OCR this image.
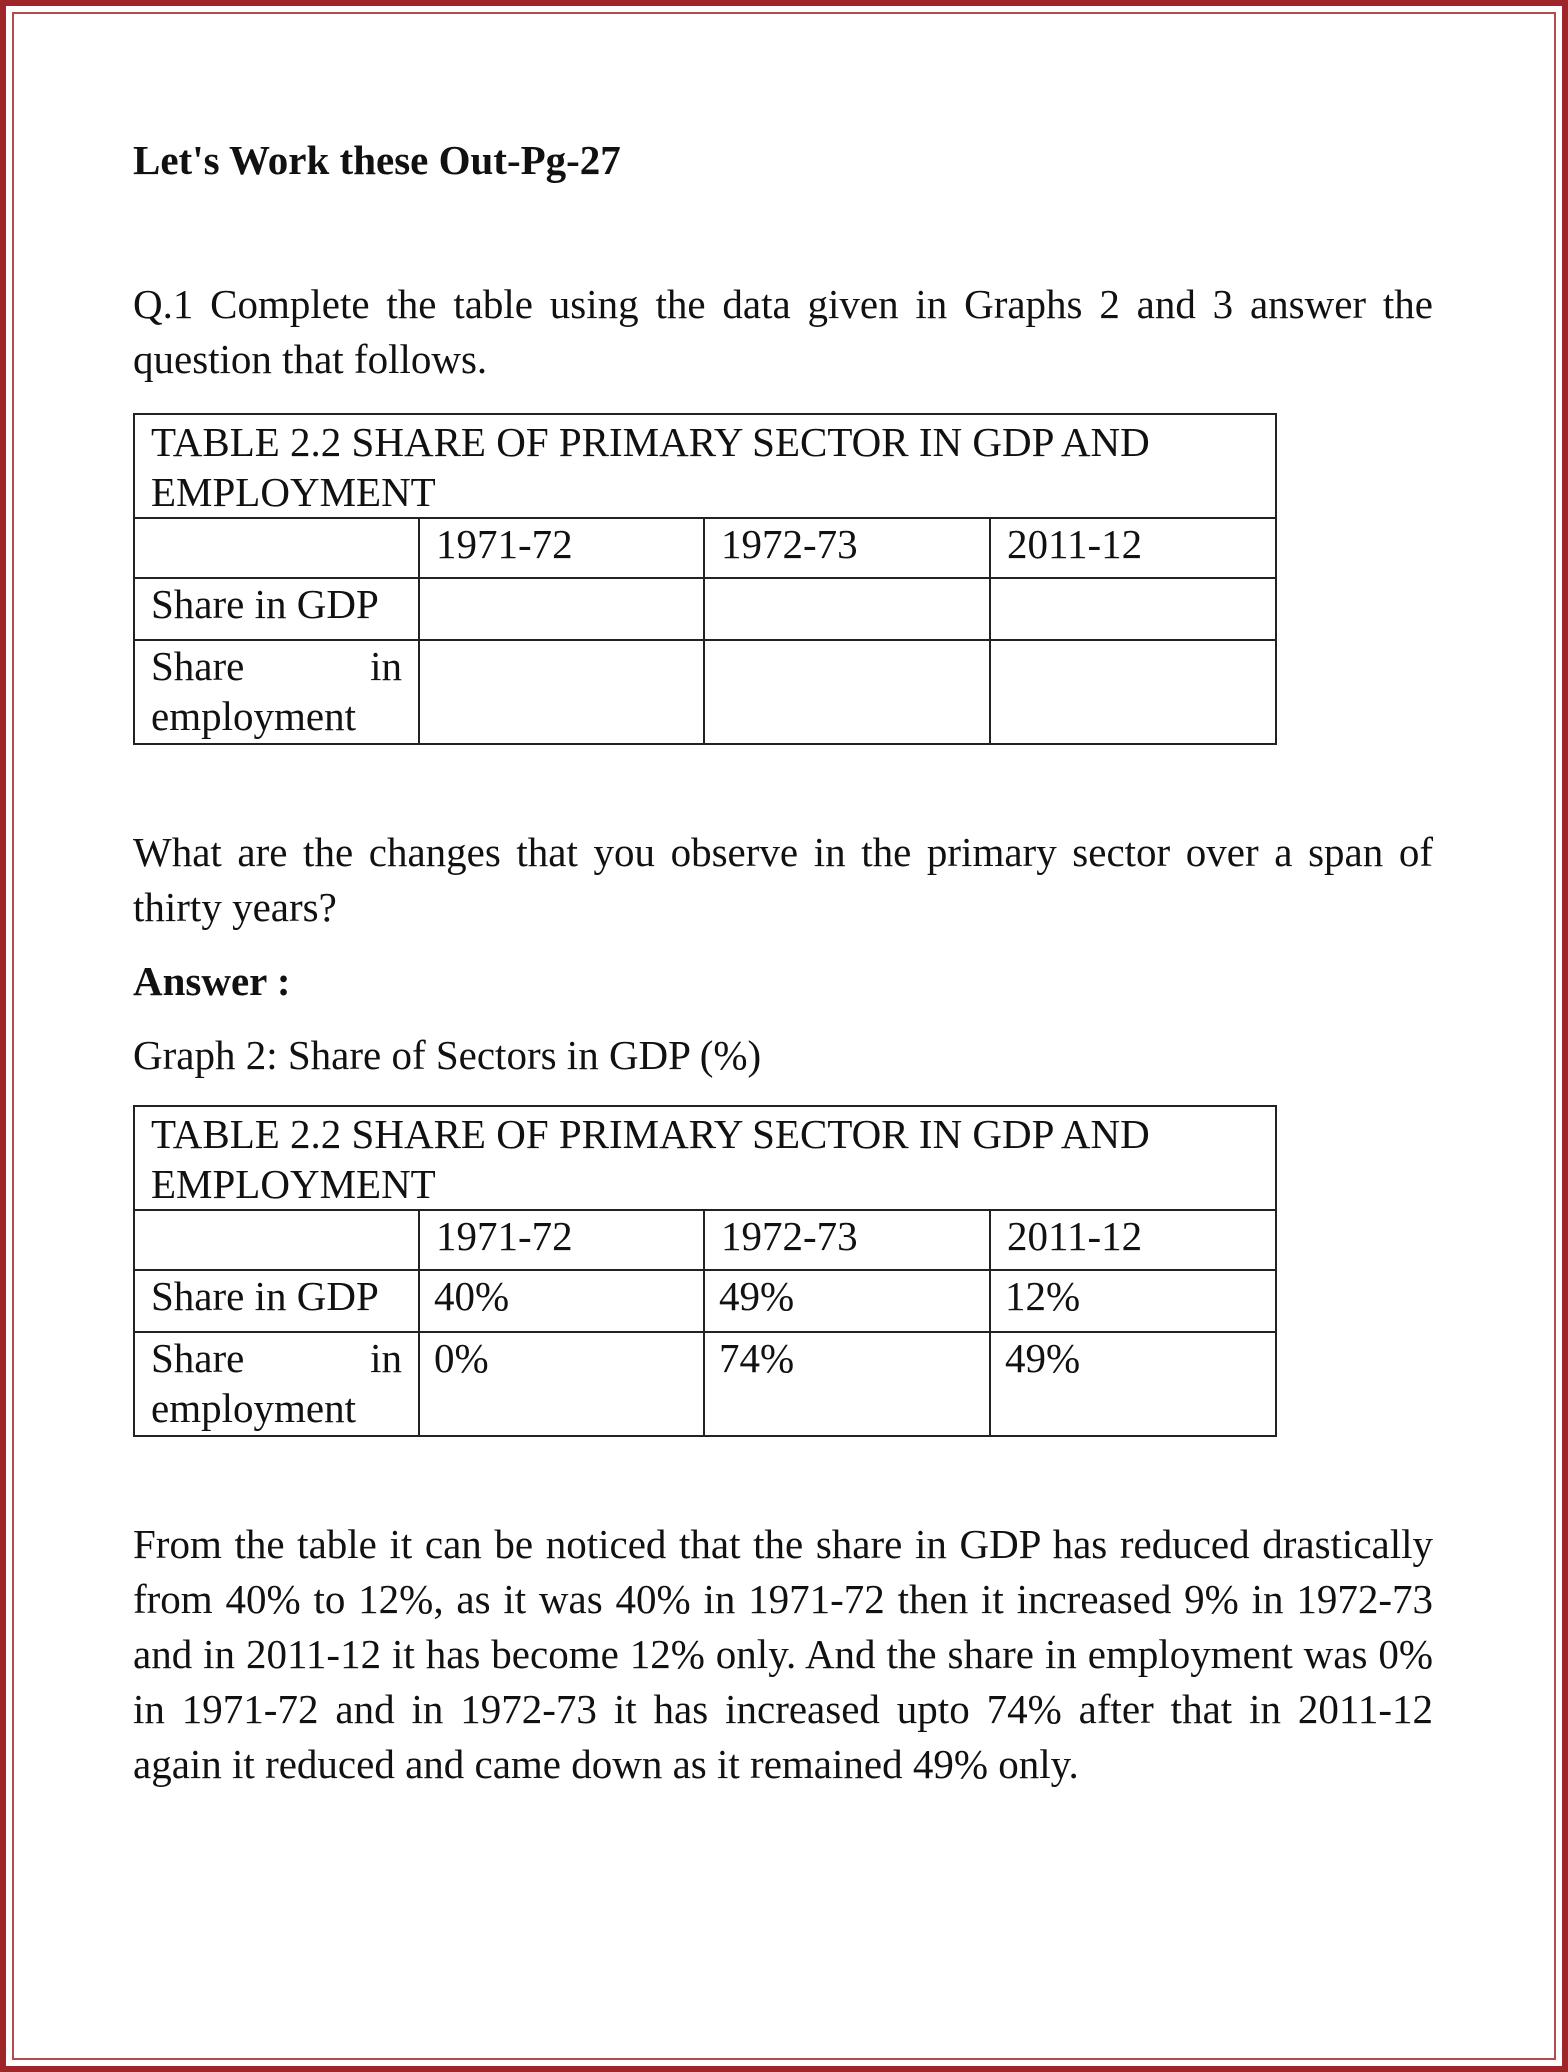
Let's Work these Out-Pg-27

Q.1 Complete the table using the data given in Graphs 2 and 3 answer the question that follows.

TABLE 2.2 SHARE OF PRIMARY SECTOR IN GDP AND EMPLOYMENT			
	1971-72	1972-73	2011-12
Share in GDP			

Share in
employment			

What are the changes that you observe in the primary sector over a span of thirty years?

Answer :

Graph 2: Share of Sectors in GDP (%)

TABLE 2.2 SHARE OF PRIMARY SECTOR IN GDP AND EMPLOYMENT			
	1971-72	1972-73	2011-12
Share in GDP	40%	49%	12%

Share in
employment	0%	74%	49%

From the table it can be noticed that the share in GDP has reduced drastically from 40% to 12%, as it was 40% in 1971-72 then it increased 9% in 1972-73 and in 2011-12 it has become 12% only. And the share in employment was 0% in 1971-72 and in 1972-73 it has increased upto 74% after that in 2011-12 again it reduced and came down as it remained 49% only.
